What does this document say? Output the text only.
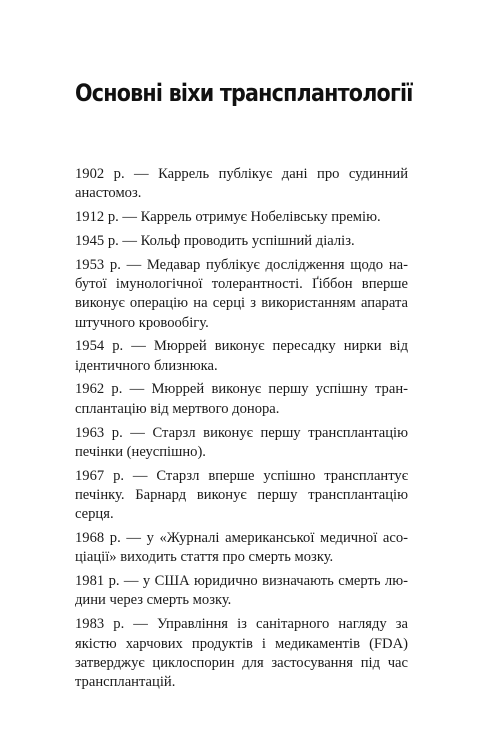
Основні віхи трансплантології
1902 р. — Каррель публікує дані про судинний анастомоз.
1912 р. — Каррель отримує Нобелівську премію.
1945 р. — Кольф проводить успішний діаліз.
1953 р. — Медавар публікує дослідження щодо набутої імунологічної толерантності. Ґіббон вперше виконує операцію на серці з використанням апарата штучного кровообігу.
1954 р. — Мюррей виконує пересадку нирки від ідентичного близнюка.
1962 р. — Мюррей виконує першу успішну трансплантацію від мертвого донора.
1963 р. — Старзл виконує першу трансплантацію печінки (неуспішно).
1967 р. — Старзл вперше успішно трансплантує печінку. Барнард виконує першу трансплантацію серця.
1968 р. — у «Журналі американської медичної асоціації» виходить стаття про смерть мозку.
1981 р. — у США юридично визначають смерть людини через смерть мозку.
1983 р. — Управління із санітарного нагляду за якістю харчових продуктів і медикаментів (FDA) затверджує циклоспорин для застосування під час трансплантацій.
